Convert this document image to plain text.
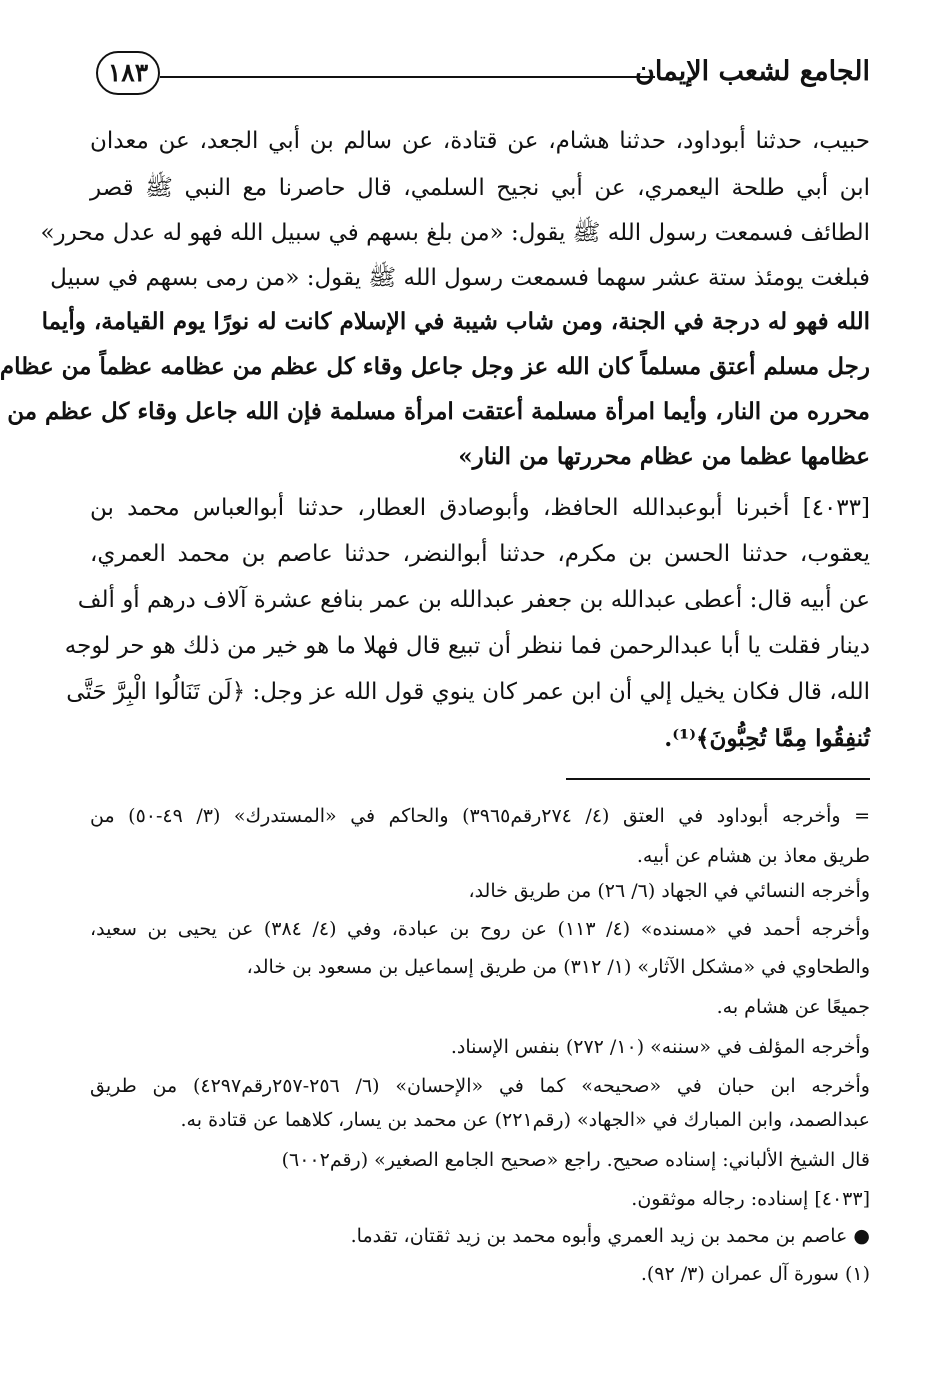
١٨٣	الجامع لشعب الإيمان
حبيب، حدثنا أبوداود، حدثنا هشام، عن قتادة، عن سالم بن أبي الجعد، عن معدان
ابن أبي طلحة اليعمري، عن أبي نجيح السلمي، قال حاصرنا مع النبي ﷺ قصر
الطائف فسمعت رسول الله ﷺ يقول: «من بلغ بسهم في سبيل الله فهو له عدل محرر»
فبلغت يومئذ ستة عشر سهما فسمعت رسول الله ﷺ يقول: «من رمى بسهم في سبيل
الله فهو له درجة في الجنة، ومن شاب شيبة في الإسلام كانت له نورًا يوم القيامة، وأيما
رجل مسلم أعتق مسلماً كان الله عز وجل جاعل وقاء كل عظم من عظامه عظماً من عظام
محرره من النار، وأيما امرأة مسلمة أعتقت امرأة مسلمة فإن الله جاعل وقاء كل عظم من
عظامها عظما من عظام محررتها من النار»
[٤٠٣٣] أخبرنا أبوعبدالله الحافظ، وأبوصادق العطار، حدثنا أبوالعباس محمد بن
يعقوب، حدثنا الحسن بن مكرم، حدثنا أبوالنضر، حدثنا عاصم بن محمد العمري،
عن أبيه قال: أعطى عبدالله بن جعفر عبدالله بن عمر بنافع عشرة آلاف درهم أو ألف
دينار فقلت يا أبا عبدالرحمن فما ننظر أن تبيع قال فهلا ما هو خير من ذلك هو حر لوجه
الله، قال فكان يخيل إلي أن ابن عمر كان ينوي قول الله عز وجل: ﴿لَن تَنَالُوا الْبِرَّ حَتَّى
تُنفِقُوا مِمَّا تُحِبُّونَ﴾⁽¹⁾.
= وأخرجه أبوداود في العتق (٤/ ٢٧٤رقم٣٩٦٥) والحاكم في «المستدرك» (٣/ ٤٩-٥٠) من
طريق معاذ بن هشام عن أبيه.
وأخرجه النسائي في الجهاد (٦/ ٢٦) من طريق خالد،
وأخرجه أحمد في «مسنده» (٤/ ١١٣) عن روح بن عبادة، وفي (٤/ ٣٨٤) عن يحيى بن سعيد،
والطحاوي في «مشكل الآثار» (١/ ٣١٢) من طريق إسماعيل بن مسعود بن خالد،
جميعًا عن هشام به.
وأخرجه المؤلف في «سننه» (١٠/ ٢٧٢) بنفس الإسناد.
وأخرجه ابن حبان في «صحيحه» كما في «الإحسان» (٦/ ٢٥٦-٢٥٧رقم٤٢٩٧) من طريق
عبدالصمد، وابن المبارك في «الجهاد» (رقم٢٢١) عن محمد بن يسار، كلاهما عن قتادة به.
قال الشيخ الألباني: إسناده صحيح. راجع «صحيح الجامع الصغير» (رقم٦٠٠٢)
[٤٠٣٣] إسناده: رجاله موثقون.
● عاصم بن محمد بن زيد العمري وأبوه محمد بن زيد ثقتان، تقدما.
(١) سورة آل عمران (٣/ ٩٢).
